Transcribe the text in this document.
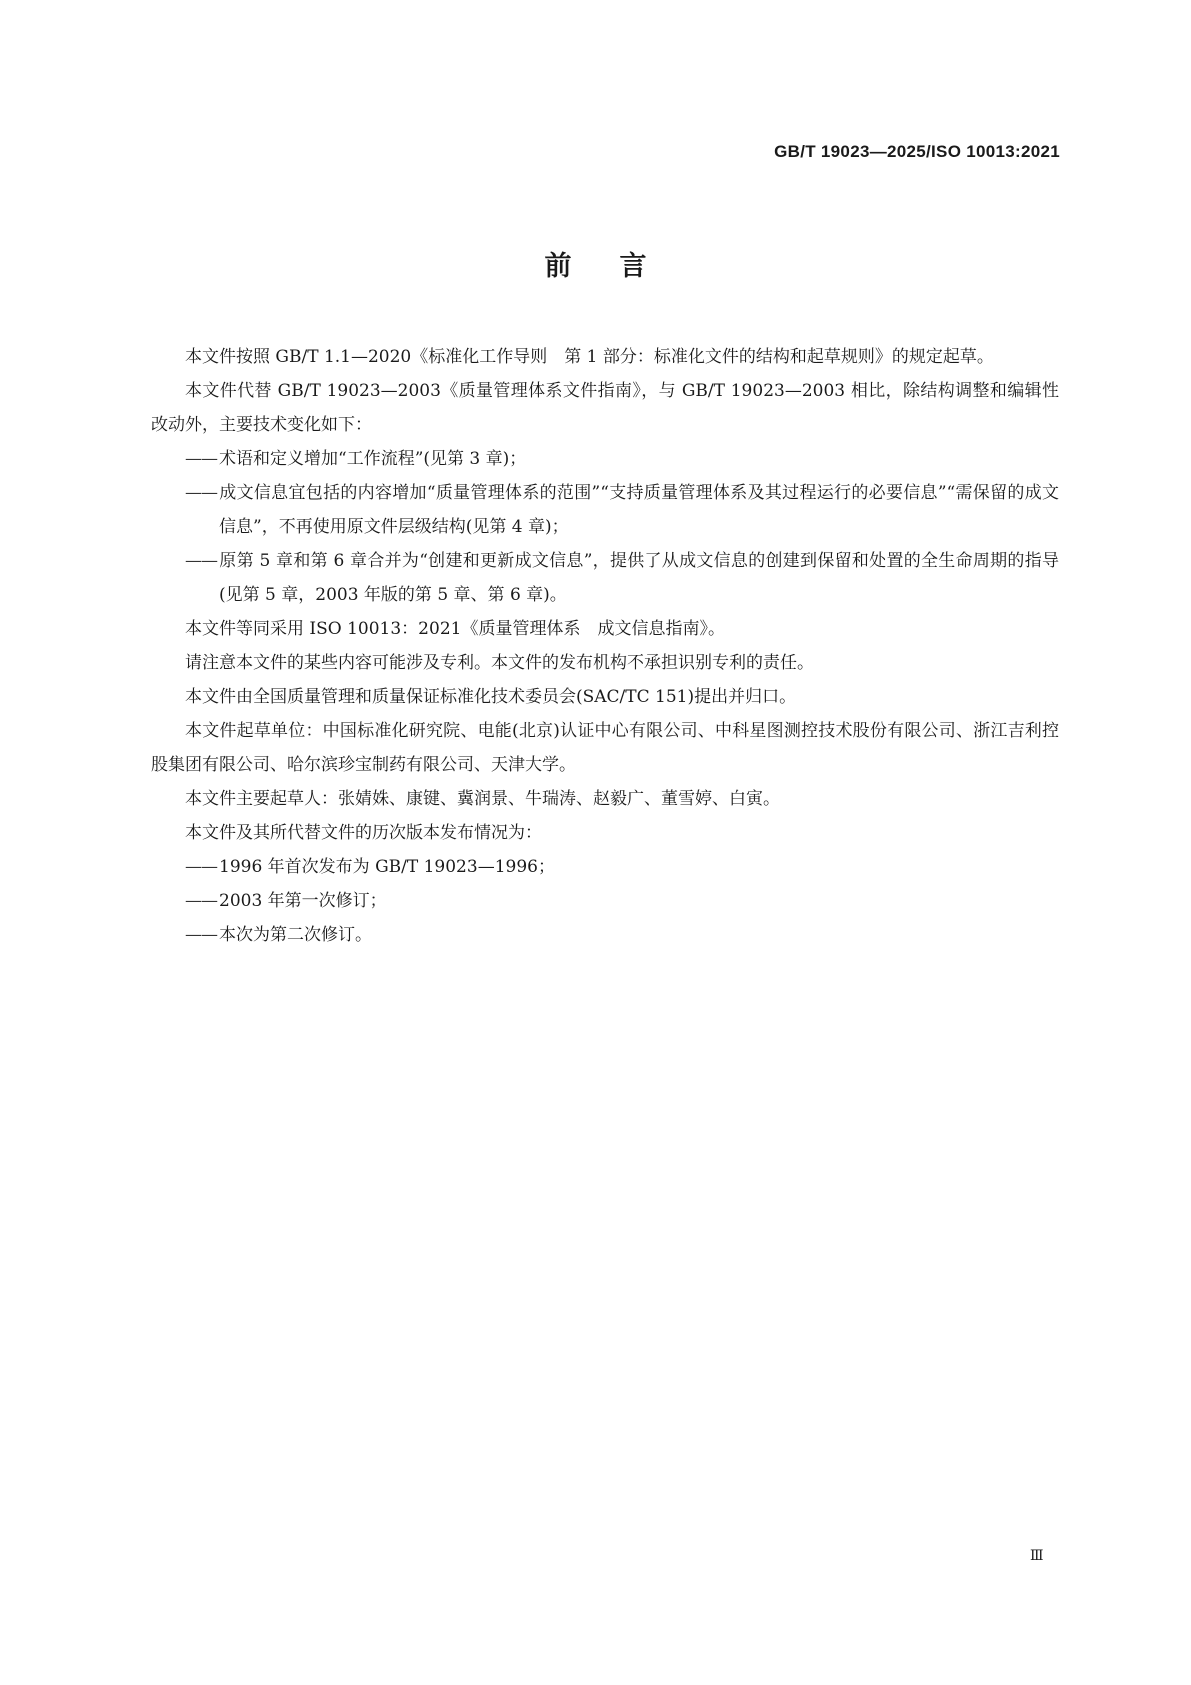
GB/T 19023—2025/ISO 10013:2021
前言

本文件按照 GB/T 1.1—2020《标准化工作导则　第 1 部分：标准化文件的结构和起草规则》的规定起草。

本文件代替 GB/T 19023—2003《质量管理体系文件指南》，与 GB/T 19023—2003 相比，除结构调整和编辑性改动外，主要技术变化如下：

—— 术语和定义增加“工作流程”(见第 3 章)；

—— 成文信息宜包括的内容增加“质量管理体系的范围”“支持质量管理体系及其过程运行的必要信息”“需保留的成文信息”，不再使用原文件层级结构(见第 4 章)；

—— 原第 5 章和第 6 章合并为“创建和更新成文信息”，提供了从成文信息的创建到保留和处置的全生命周期的指导(见第 5 章，2003 年版的第 5 章、第 6 章)。

本文件等同采用 ISO 10013：2021《质量管理体系　成文信息指南》。

请注意本文件的某些内容可能涉及专利。本文件的发布机构不承担识别专利的责任。

本文件由全国质量管理和质量保证标准化技术委员会(SAC/TC 151)提出并归口。

本文件起草单位：中国标准化研究院、电能(北京)认证中心有限公司、中科星图测控技术股份有限公司、浙江吉利控股集团有限公司、哈尔滨珍宝制药有限公司、天津大学。

本文件主要起草人：张婧姝、康键、冀润景、牛瑞涛、赵毅广、董雪婷、白寅。

本文件及其所代替文件的历次版本发布情况为：

—— 1996 年首次发布为 GB/T 19023—1996；

—— 2003 年第一次修订；

—— 本次为第二次修订。

Ⅲ
